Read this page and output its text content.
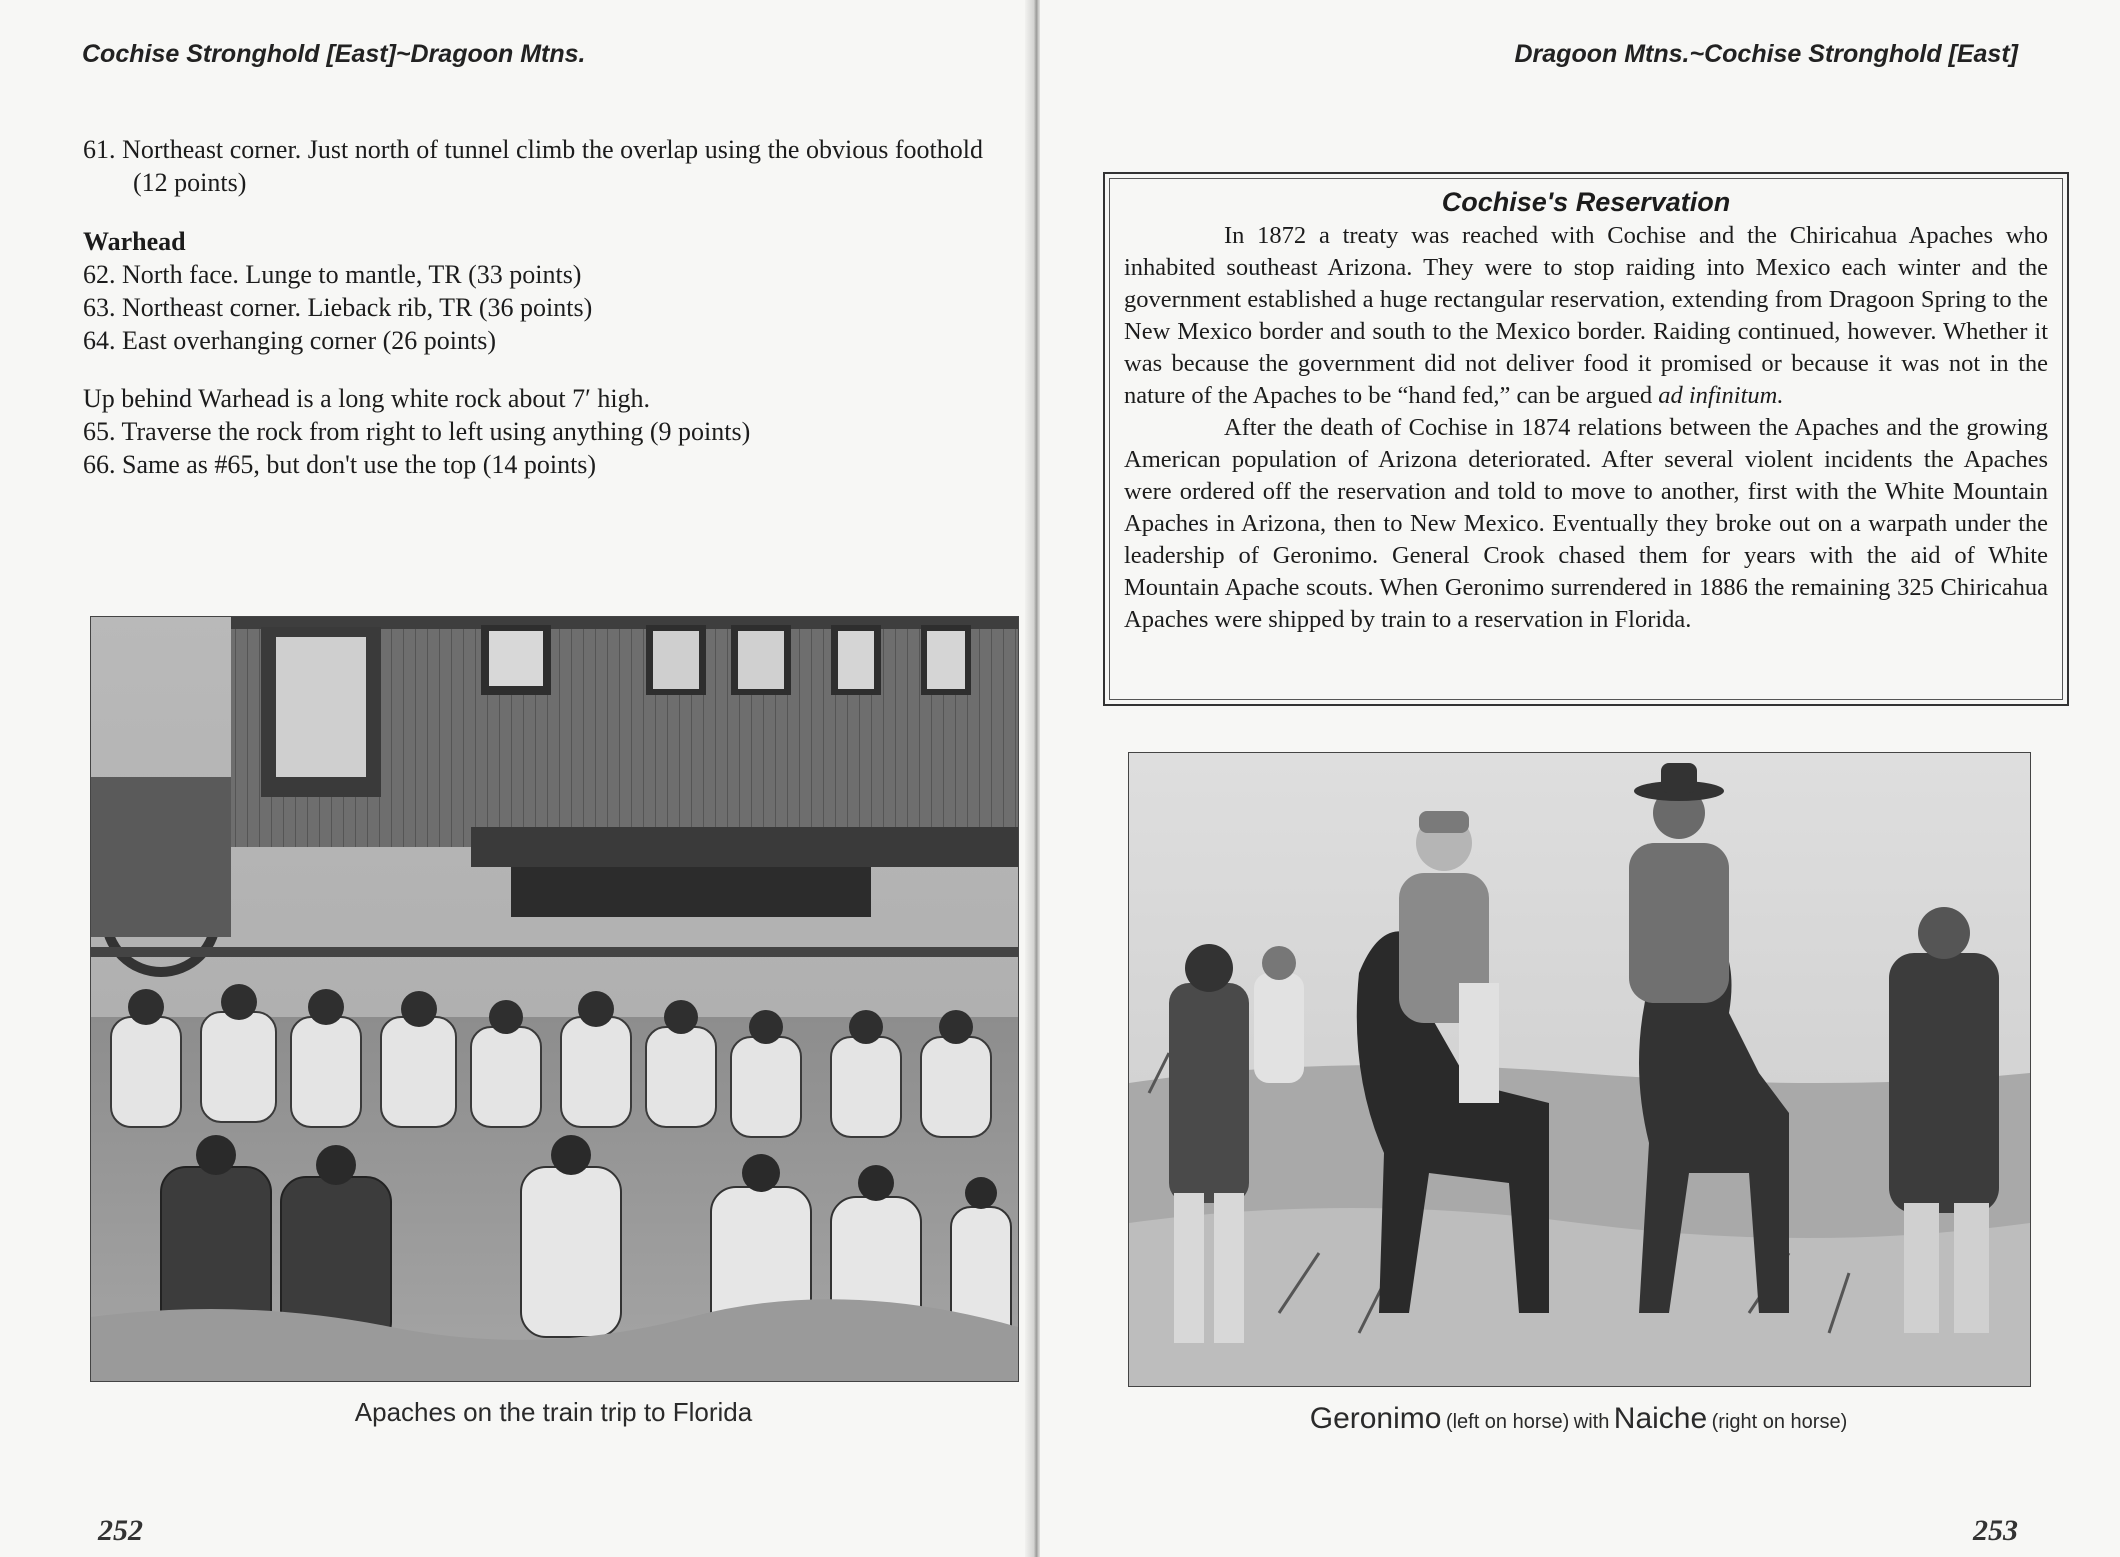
Cochise Stronghold [East]~Dragoon Mtns.

61. Northeast corner. Just north of tunnel climb the overlap using the obvious foothold (12 points)

Warhead

62. North face. Lunge to mantle, TR (33 points)

63. Northeast corner. Lieback rib, TR (36 points)

64. East overhanging corner (26 points)

Up behind Warhead is a long white rock about 7′ high.

65. Traverse the rock from right to left using anything (9 points)

66. Same as #65, but don't use the top (14 points)

Apaches on the train trip to Florida
252
Dragoon Mtns.~Cochise Stronghold [East]

Cochise's Reservation

In 1872 a treaty was reached with Cochise and the Chiricahua Apaches who inhabited southeast Arizona. They were to stop raiding into Mexico each winter and the government established a huge rectangular reservation, extending from Dragoon Spring to the New Mexico border and south to the Mexico border. Raiding continued, however. Whether it was because the government did not deliver food it promised or because it was not in the nature of the Apaches to be “hand fed,” can be argued ad infinitum.

After the death of Cochise in 1874 relations between the Apaches and the growing American population of Arizona deteriorated. After several violent incidents the Apaches were ordered off the reservation and told to move to another, first with the White Mountain Apaches in Arizona, then to New Mexico. Eventually they broke out on a warpath under the leadership of Geronimo. General Crook chased them for years with the aid of White Mountain Apache scouts. When Geronimo surrendered in 1886 the remaining 325 Chiricahua Apaches were shipped by train to a reservation in Florida.

Geronimo (left on horse) with Naiche (right on horse)
253
